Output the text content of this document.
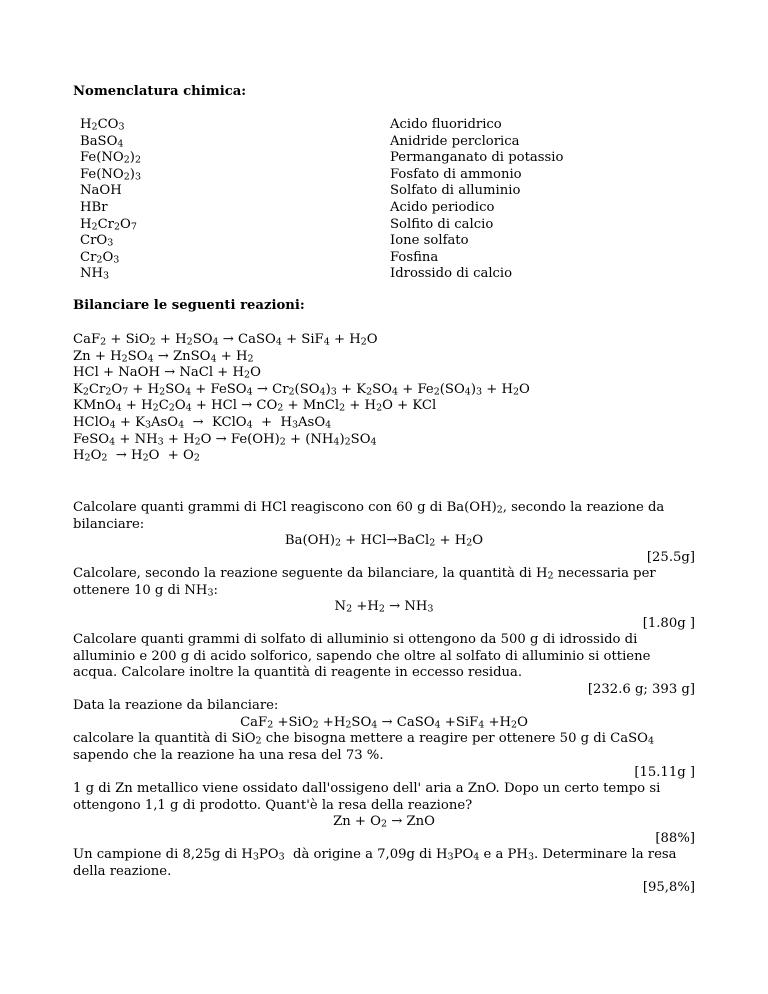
Nomenclatura chimica:
$H_2CO_3$
BaSO$_4$
$Fe(NO_2)_2$
$Fe(NO_2)_3$
NaOH
HBr
$H_2Cr_2O_7$
CrO$_3$
$Cr_2O_3$
$NH_3$
Acido fluoridrico
Anidride perclorica
Permanganato di potassio
Fosfato di ammonio
Solfato di alluminio
Acido periodico
Solfito di calcio
Ione solfato
Fosfina
Idrossido di calcio
Bilanciare le seguenti reazioni:
$CaF_2 + SiO_2 + H_2SO_4$ → CaSO$_4$ + $SiF_4 + H_2O$
$Zn + H_2SO_4$ → ZnSO$_4$ + $H_2$
HCl + NaOH → NaCl + $H_2O$
$K_2Cr_2O_7 + H_2SO_4$ + FeSO$_4$ → $Cr_2(SO_4)_3 + K_2SO_4 + Fe_2(SO_4)_3 + H_2O$
KMnO$_4$ + $H_2C_2O_4$ + HCl → $CO_2$ + MnCl$_2$ + $H_2O$ + KCl
HClO$_4$ + $K_3AsO_4$  →  KClO$_4$  +  $H_3AsO_4$
FeSO$_4$ + $NH_3 + H_2O \to Fe(OH)_2 + (NH_4)_2SO_4$
$H_2O_2 \to H_2O + O_2$
Calcolare quanti grammi di HCl reagiscono con 60 g di $Ba(OH)_2$, secondo la reazione da bilanciare:
$Ba(OH)_2$ + HCl→BaCl$_2$ + $H_2O$
[25.5g]
Calcolare, secondo la reazione seguente da bilanciare, la quantità di $H_2$ necessaria per ottenere 10 g di $NH_3$:
$N_2 +H_2 \to NH_3$
[1.80g ]
Calcolare quanti grammi di solfato di alluminio si ottengono da 500 g di idrossido di alluminio e 200 g di acido solforico, sapendo che oltre al solfato di alluminio si ottiene acqua. Calcolare inoltre la quantità di reagente in eccesso residua.
[232.6 g; 393 g]
Data la reazione da bilanciare:
$CaF_2 +SiO_2 +H_2SO_4$ → CaSO$_4$ $+SiF_4 +H_2O$
calcolare la quantità di SiO$_2$ che bisogna mettere a reagire per ottenere 50 g di CaSO$_4$ sapendo che la reazione ha una resa del 73 %.
[15.11g ]
1 g di Zn metallico viene ossidato dall'ossigeno dell' aria a ZnO. Dopo un certo tempo si ottengono 1,1 g di prodotto. Quant'è la resa della reazione?
$Zn + O_2$ → ZnO
[88%]
Un campione di 8,25g di $H_3PO_3$  dà origine a 7,09g di $H_3PO_4$ e a $PH_3$. Determinare la resa della reazione.
[95,8%]
